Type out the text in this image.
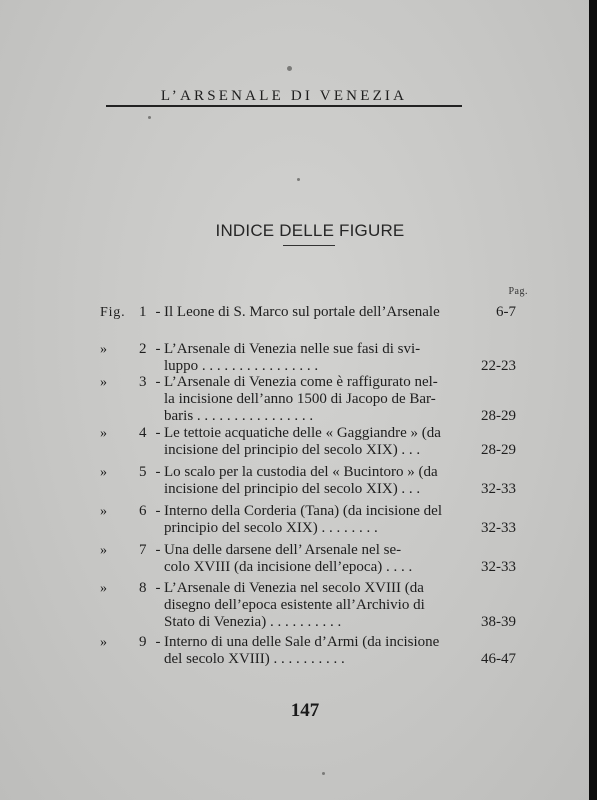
L’ARSENALE DI VENEZIA
INDICE DELLE FIGURE
Pag.
Fig. 1 - Il Leone di S. Marco sul portale dell’Arsenale	6-7
»	2 - L’Arsenale di Venezia nelle sue fasi di svi-
luppo . . . . . . . . . . . . . . . .	22-23
»	3 - L’Arsenale di Venezia come è raffigurato nel-
la incisione dell’anno 1500 di Jacopo de Bar-
baris . . . . . . . . . . . . . . . .	28-29
»	4 - Le tettoie acquatiche delle « Gaggiandre » (da
incisione del principio del secolo XIX) . . .	28-29
»	5 - Lo scalo per la custodia del « Bucintoro » (da
incisione del principio del secolo XIX) . . .	32-33
»	6 - Interno della Corderia (Tana) (da incisione del
principio del secolo XIX) . . . . . . . .	32-33
»	7 - Una delle darsene dell’ Arsenale nel se-
colo XVIII (da incisione dell’epoca) . . . .	32-33
»	8 - L’Arsenale di Venezia nel secolo XVIII (da
disegno dell’epoca esistente all’Archivio di
Stato di Venezia) . . . . . . . . . .	38-39
»	9 - Interno di una delle Sale d’Armi (da incisione
del secolo XVIII) . . . . . . . . . .	46-47
147
